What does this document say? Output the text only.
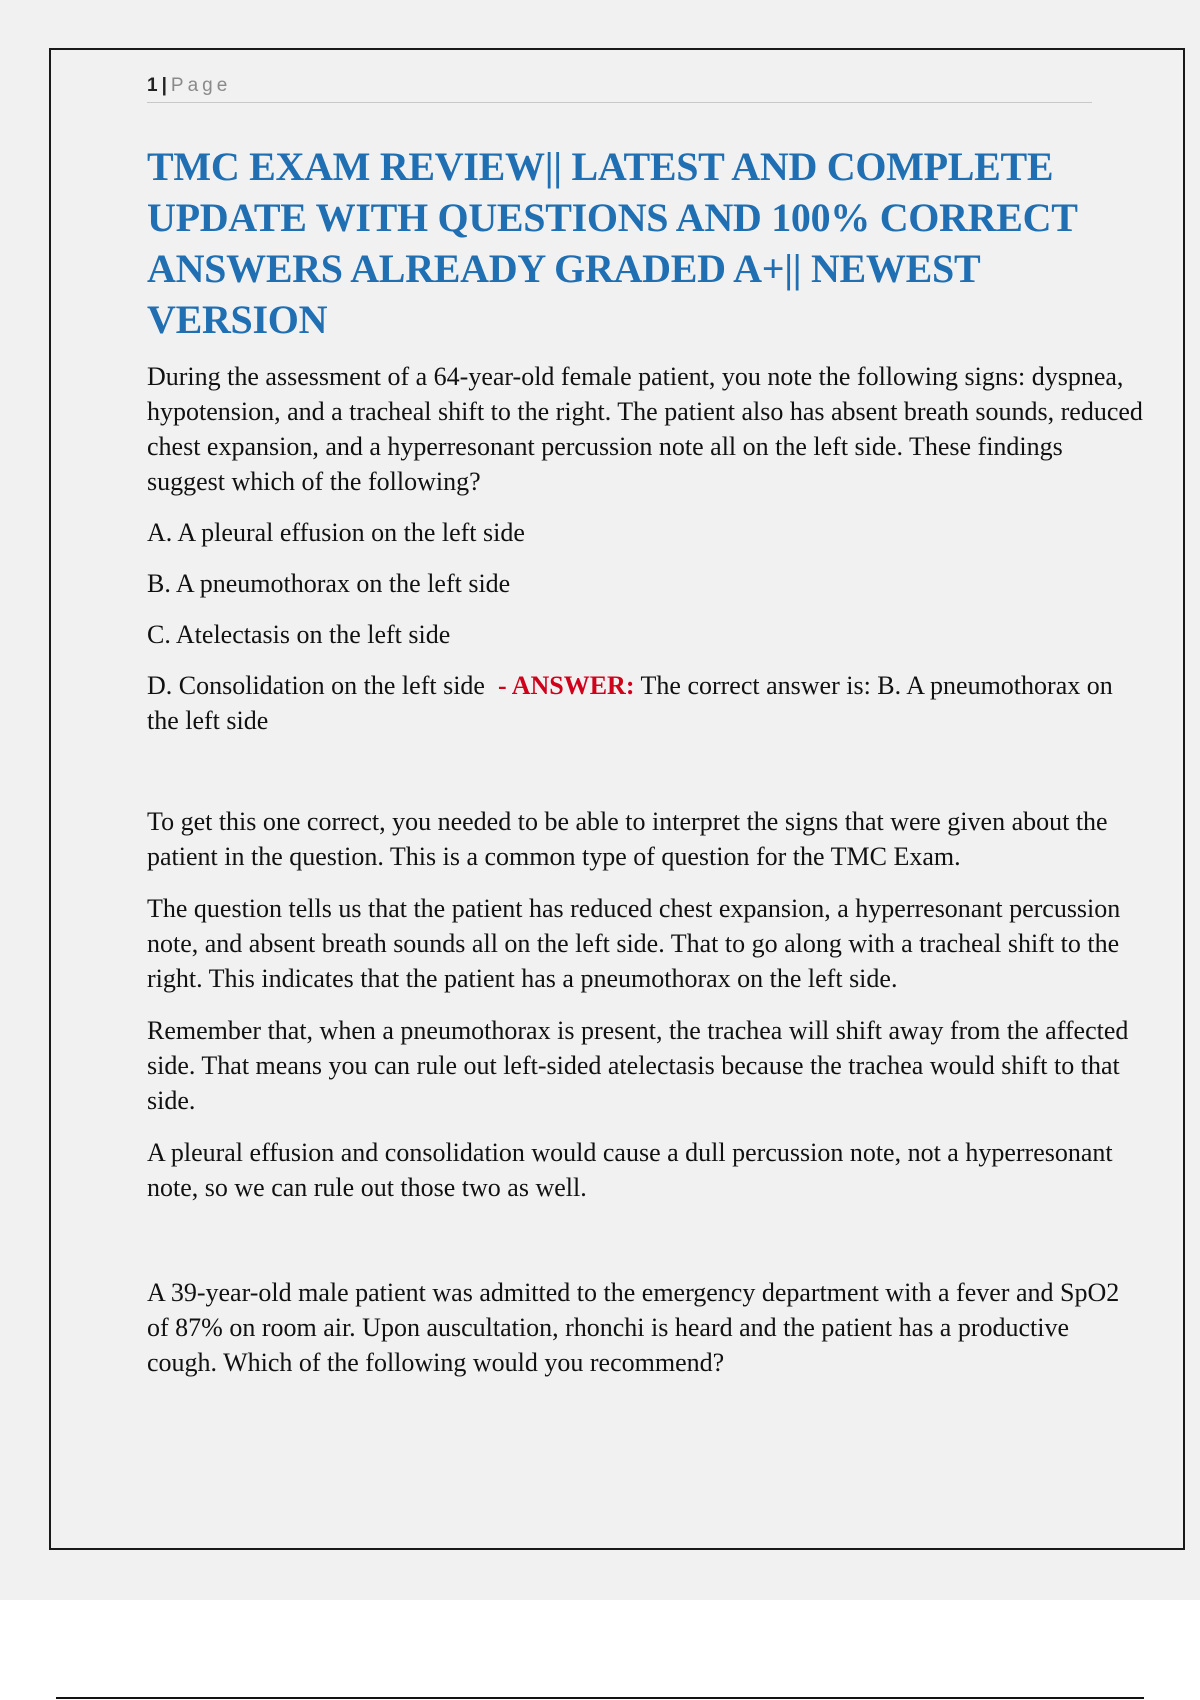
1 | Page
TMC EXAM REVIEW|| LATEST AND COMPLETE UPDATE WITH QUESTIONS AND 100% CORRECT ANSWERS ALREADY GRADED A+|| NEWEST VERSION

During the assessment of a 64-year-old female patient, you note the following signs: dyspnea, hypotension, and a tracheal shift to the right. The patient also has absent breath sounds, reduced chest expansion, and a hyperresonant percussion note all on the left side. These findings suggest which of the following?

A. A pleural effusion on the left side

B. A pneumothorax on the left side

C. Atelectasis on the left side

D. Consolidation on the left side - ANSWER: The correct answer is: B. A pneumothorax on the left side

To get this one correct, you needed to be able to interpret the signs that were given about the patient in the question. This is a common type of question for the TMC Exam.

The question tells us that the patient has reduced chest expansion, a hyperresonant percussion note, and absent breath sounds all on the left side. That to go along with a tracheal shift to the right. This indicates that the patient has a pneumothorax on the left side.

Remember that, when a pneumothorax is present, the trachea will shift away from the affected side. That means you can rule out left-sided atelectasis because the trachea would shift to that side.

A pleural effusion and consolidation would cause a dull percussion note, not a hyperresonant note, so we can rule out those two as well.

A 39-year-old male patient was admitted to the emergency department with a fever and SpO2 of 87% on room air. Upon auscultation, rhonchi is heard and the patient has a productive cough. Which of the following would you recommend?
